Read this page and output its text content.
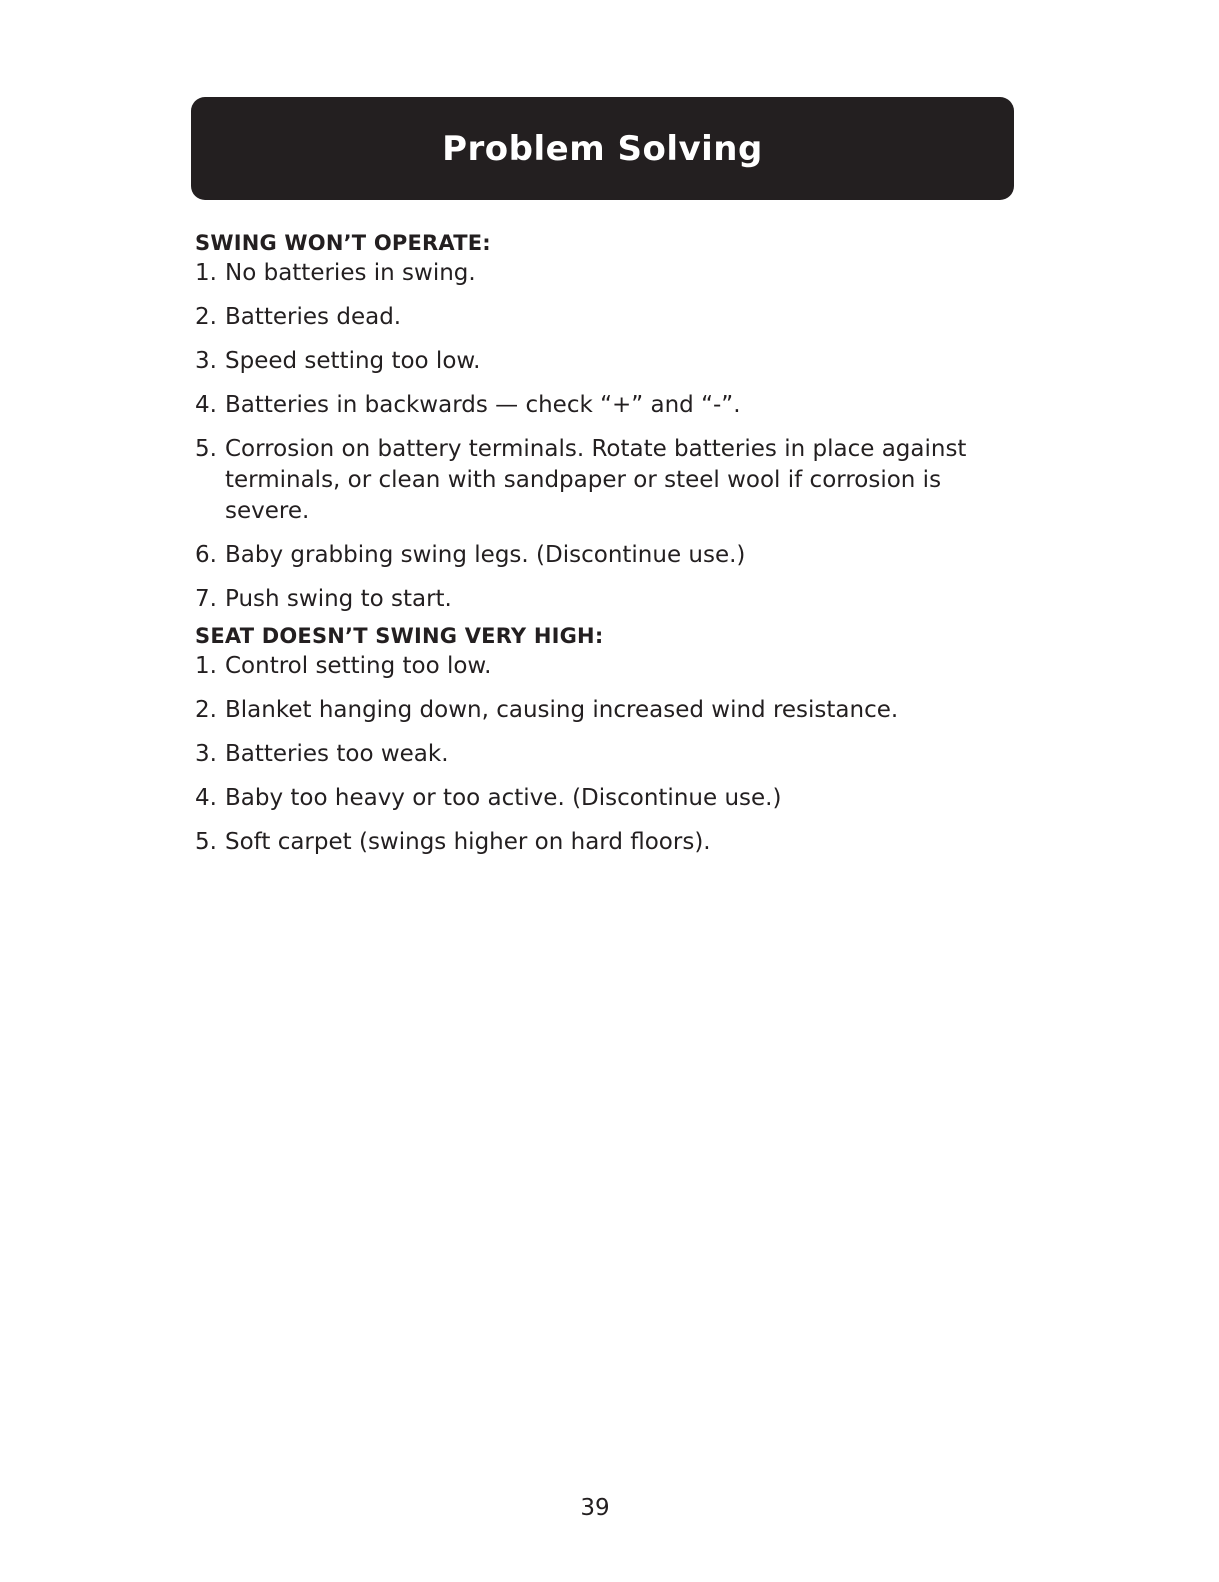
Problem Solving
SWING WON’T OPERATE:
1. No batteries in swing.
2. Batteries dead.
3. Speed setting too low.
4. Batteries in backwards — check “+” and “-”.
5. Corrosion on battery terminals. Rotate batteries in place against terminals, or clean with sandpaper or steel wool if corrosion is severe.
6. Baby grabbing swing legs. (Discontinue use.)
7. Push swing to start.
SEAT DOESN’T SWING VERY HIGH:
1. Control setting too low.
2. Blanket hanging down, causing increased wind resistance.
3. Batteries too weak.
4. Baby too heavy or too active. (Discontinue use.)
5. Soft carpet (swings higher on hard floors).
39
